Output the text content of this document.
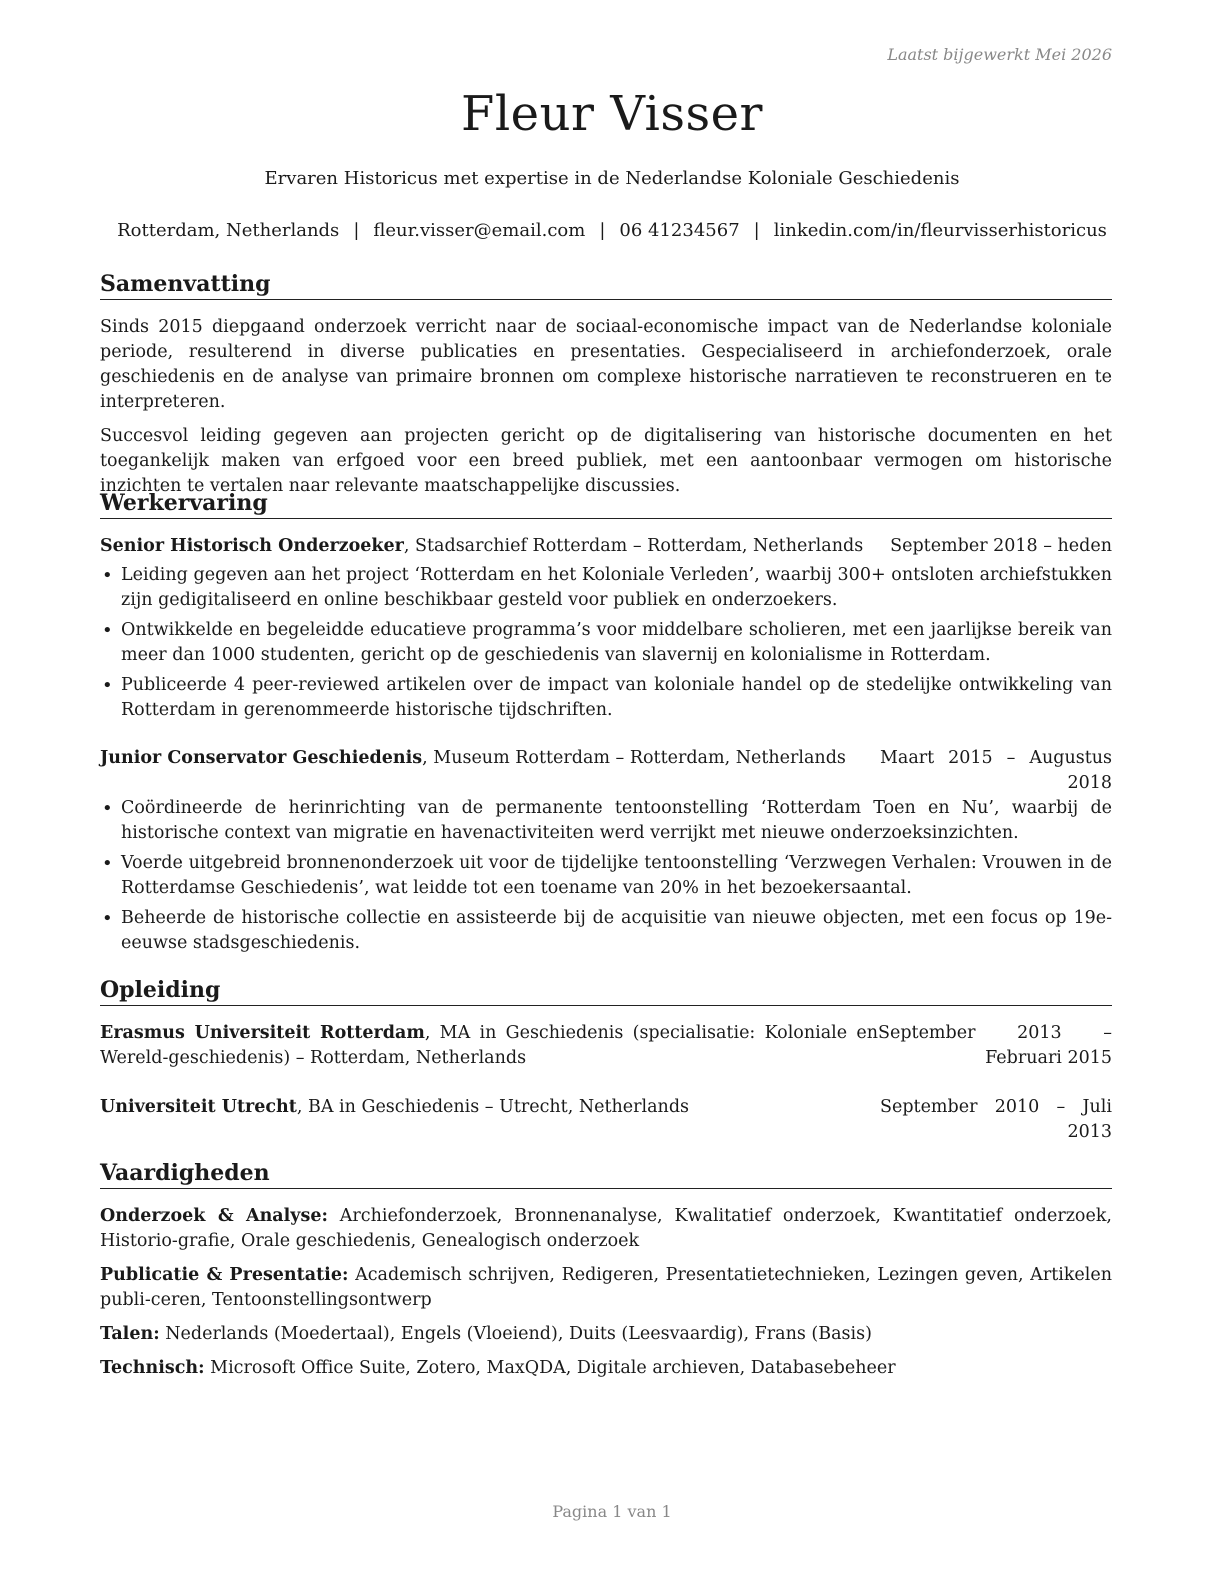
Laatst bijgewerkt Mei 2026
Fleur Visser
Ervaren Historicus met expertise in de Nederlandse Koloniale Geschiedenis
Rotterdam, Netherlands | fleur.visser@email.com | 06 41234567 | linkedin.com/in/fleurvisserhistoricus
Samenvatting

Sinds 2015 diepgaand onderzoek verricht naar de sociaal-economische impact van de Nederlandse koloniale periode, resulterend in diverse publicaties en presentaties. Gespecialiseerd in archiefonderzoek, orale geschiedenis en de analyse van primaire bronnen om complexe historische narratieven te reconstrueren en te interpreteren.

Succesvol leiding gegeven aan projecten gericht op de digitalisering van historische documenten en het toegankelijk maken van erfgoed voor een breed publiek, met een aantoonbaar vermogen om historische inzichten te vertalen naar relevante maatschappelijke discussies.

Werkervaring
Senior Historisch Onderzoeker, Stadsarchief Rotterdam – Rotterdam, Netherlands	September 2018 – heden
• Leiding gegeven aan het project ‘Rotterdam en het Koloniale Verleden’, waarbij 300+ ontsloten archiefstukken zijn gedigitaliseerd en online beschikbaar gesteld voor publiek en onderzoekers.
• Ontwikkelde en begeleidde educatieve programma’s voor middelbare scholieren, met een jaarlijkse bereik van meer dan 1000 studenten, gericht op de geschiedenis van slavernij en kolonialisme in Rotterdam.
• Publiceerde 4 peer-reviewed artikelen over de impact van koloniale handel op de stedelijke ontwikkeling van Rotterdam in gerenommeerde historische tijdschriften.
Junior Conservator Geschiedenis, Museum Rotterdam – Rotterdam, Netherlands	Maart 2015 – Augustus 2018
• Coördineerde de herinrichting van de permanente tentoonstelling ‘Rotterdam Toen en Nu’, waarbij de historische context van migratie en havenactiviteiten werd verrijkt met nieuwe onderzoeksinzichten.
• Voerde uitgebreid bronnenonderzoek uit voor de tijdelijke tentoonstelling ‘Verzwegen Verhalen: Vrouwen in de Rotterdamse Geschiedenis’, wat leidde tot een toename van 20% in het bezoekersaantal.
• Beheerde de historische collectie en assisteerde bij de acquisitie van nieuwe objecten, met een focus op 19e-eeuwse stadsgeschiedenis.
Opleiding
Erasmus Universiteit Rotterdam, MA in Geschiedenis (specialisatie: Koloniale en Wereld-geschiedenis) – Rotterdam, Netherlands
September 2013 – Februari 2015
Universiteit Utrecht, BA in Geschiedenis – Utrecht, Netherlands	September 2010 – Juli 2013
Vaardigheden
Onderzoek & Analyse: Archiefonderzoek, Bronnenanalyse, Kwalitatief onderzoek, Kwantitatief onderzoek, Historio-grafie, Orale geschiedenis, Genealogisch onderzoek
Publicatie & Presentatie: Academisch schrijven, Redigeren, Presentatietechnieken, Lezingen geven, Artikelen publi-ceren, Tentoonstellingsontwerp
Talen: Nederlands (Moedertaal), Engels (Vloeiend), Duits (Leesvaardig), Frans (Basis)
Technisch: Microsoft Office Suite, Zotero, MaxQDA, Digitale archieven, Databasebeheer
Pagina 1 van 1
